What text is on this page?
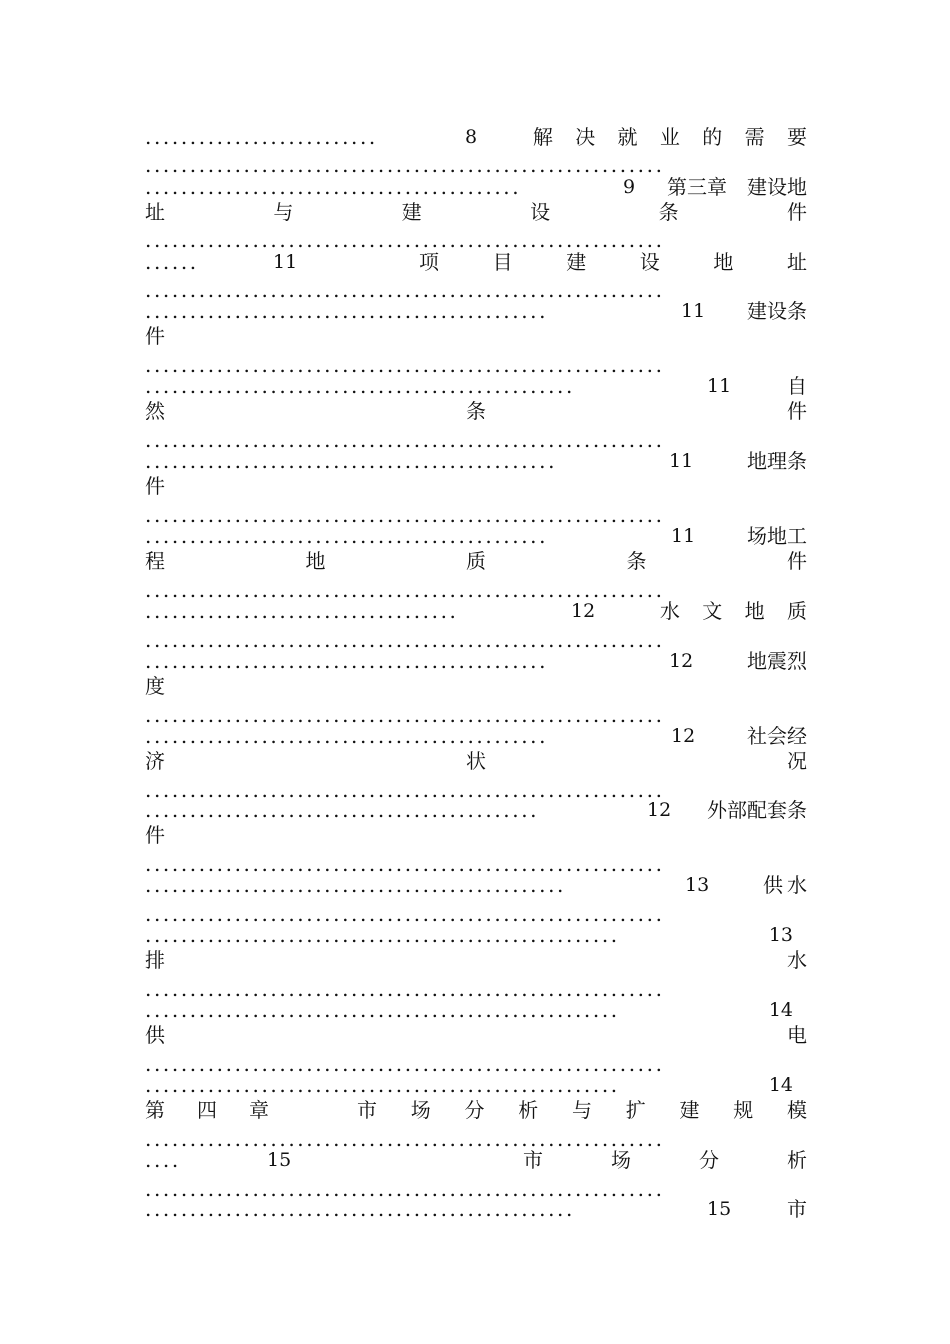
..........................	8	解 决 就 业 的 需 要
..........................................................
..........................................	9 第三章　建设地
址	与	建	设	条	件
..........................................................
......	11	项	目	建	设	地	址
..........................................................
.............................................	11 建设条
件
..........................................................
................................................	11	自
然	条	件
..........................................................
..............................................	11	地理条
件
..........................................................
.............................................	11	场地工
程	地	质	条	件
..........................................................
...................................	12	水 文 地 质
..........................................................
.............................................	12	地震烈
度
..........................................................
.............................................	12	社会经
济	状	况
..........................................................
............................................	12 外部配套条
件
..........................................................
...............................................	13	供水
..........................................................
.....................................................	13
排	水
..........................................................
.....................................................	14
供	电
..........................................................
.....................................................	14
第 四 章	市 场 分 析 与 扩 建 规 模
..........................................................
....	15	市	场	分	析
..........................................................
................................................	15	市
